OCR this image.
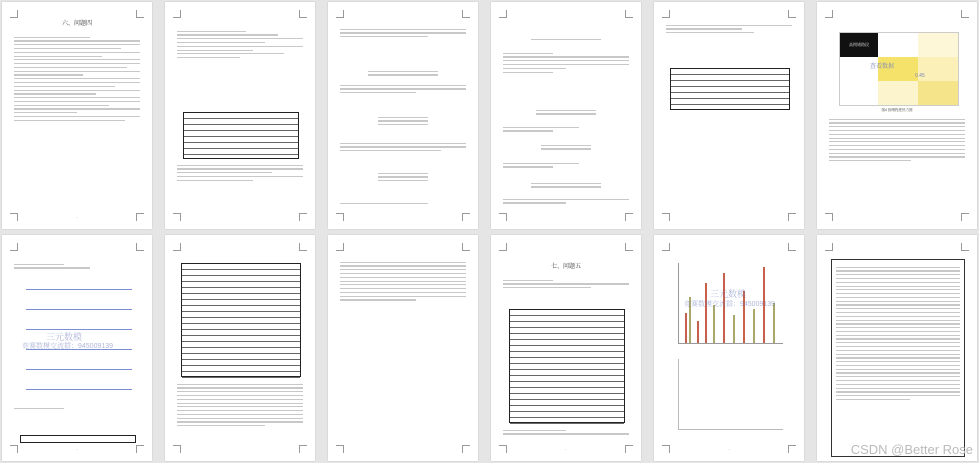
六、问题四
-
高拥堵路段
查看数据
0.45
图4 拥堵程度热力图
三元数模
竞赛数模交流群：945009139
-
七、问题五
-
三元数模
竞赛数模交流群：945009139
-	CSDN @Better Rose
